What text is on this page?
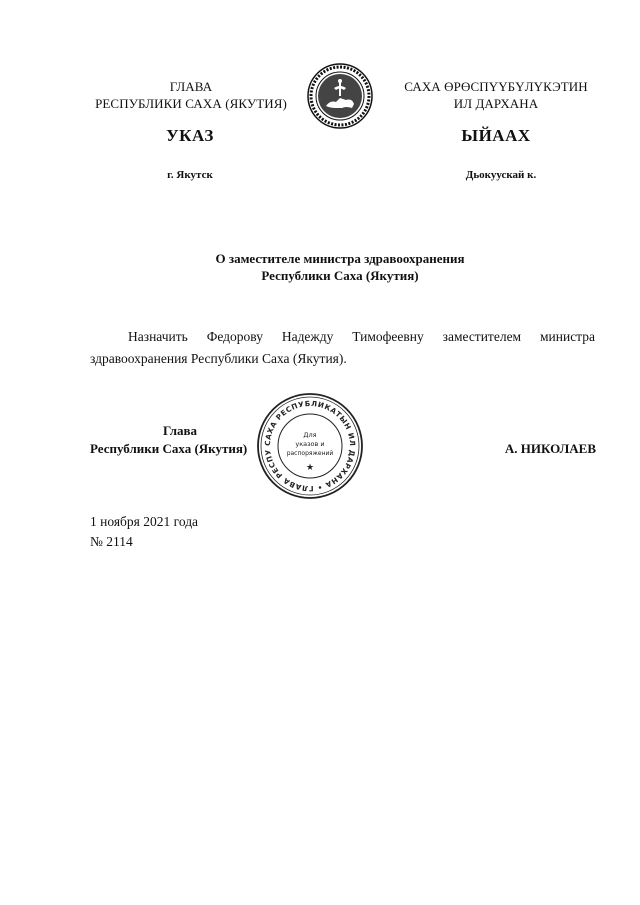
ГЛАВА
РЕСПУБЛИКИ САХА (ЯКУТИЯ)
САХА ӨРӨСПҮҮБҮЛҮКЭТИН
ИЛ ДАРХАНА
УКАЗ	ЫЙААХ
г. Якутск	Дьокуускай к.
О заместителе министра здравоохранения
Республики Саха (Якутия)
Назначить Федорову Надежду Тимофеевну заместителем министра здравоохранения Республики Саха (Якутия).
САХА РЕСПУБЛИКАТЫН ИЛ ДАРХАНА • ГЛАВА РЕСПУ
Для
указов и
распоряжений
★
Глава
Республики Саха (Якутия)	А. НИКОЛАЕВ
1 ноября 2021 года
№ 2114
